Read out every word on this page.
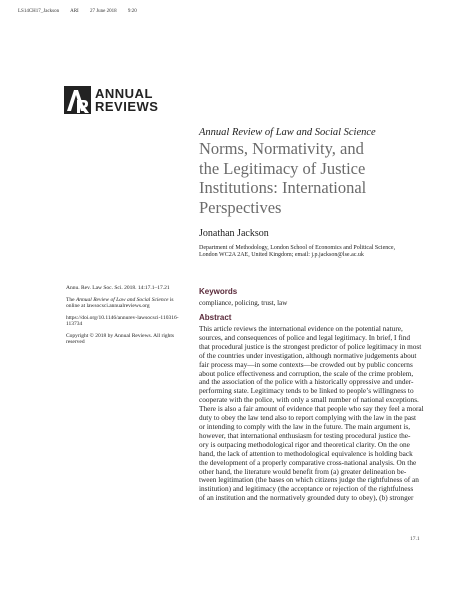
LS14CH17_Jackson ARI 27 June 2018 9:20
ANNUAL
REVIEWS
Annual Review of Law and Social Science
Norms, Normativity, and
the Legitimacy of Justice
Institutions: International
Perspectives
Jonathan Jackson
Department of Methodology, London School of Economics and Political Science,
London WC2A 2AE, United Kingdom; email: j.p.jackson@lse.ac.uk

Annu. Rev. Law Soc. Sci. 2018. 14:17.1–17.21

The Annual Review of Law and Social Science is online at lawsocsci.annualreviews.org

https://doi.org/10.1146/annurev-lawsocsci-110316-113734

Copyright © 2018 by Annual Reviews. All rights reserved

Keywords
compliance, policing, trust, law
Abstract
This article reviews the international evidence on the potential nature,
sources, and consequences of police and legal legitimacy. In brief, I find
that procedural justice is the strongest predictor of police legitimacy in most
of the countries under investigation, although normative judgements about
fair process may—in some contexts—be crowded out by public concerns
about police effectiveness and corruption, the scale of the crime problem,
and the association of the police with a historically oppressive and under-
performing state. Legitimacy tends to be linked to people’s willingness to
cooperate with the police, with only a small number of national exceptions.
There is also a fair amount of evidence that people who say they feel a moral
duty to obey the law tend also to report complying with the law in the past
or intending to comply with the law in the future. The main argument is,
however, that international enthusiasm for testing procedural justice the-
ory is outpacing methodological rigor and theoretical clarity. On the one
hand, the lack of attention to methodological equivalence is holding back
the development of a properly comparative cross-national analysis. On the
other hand, the literature would benefit from (a) greater delineation be-
tween legitimation (the bases on which citizens judge the rightfulness of an
institution) and legitimacy (the acceptance or rejection of the rightfulness
of an institution and the normatively grounded duty to obey), (b) stronger
17.1
